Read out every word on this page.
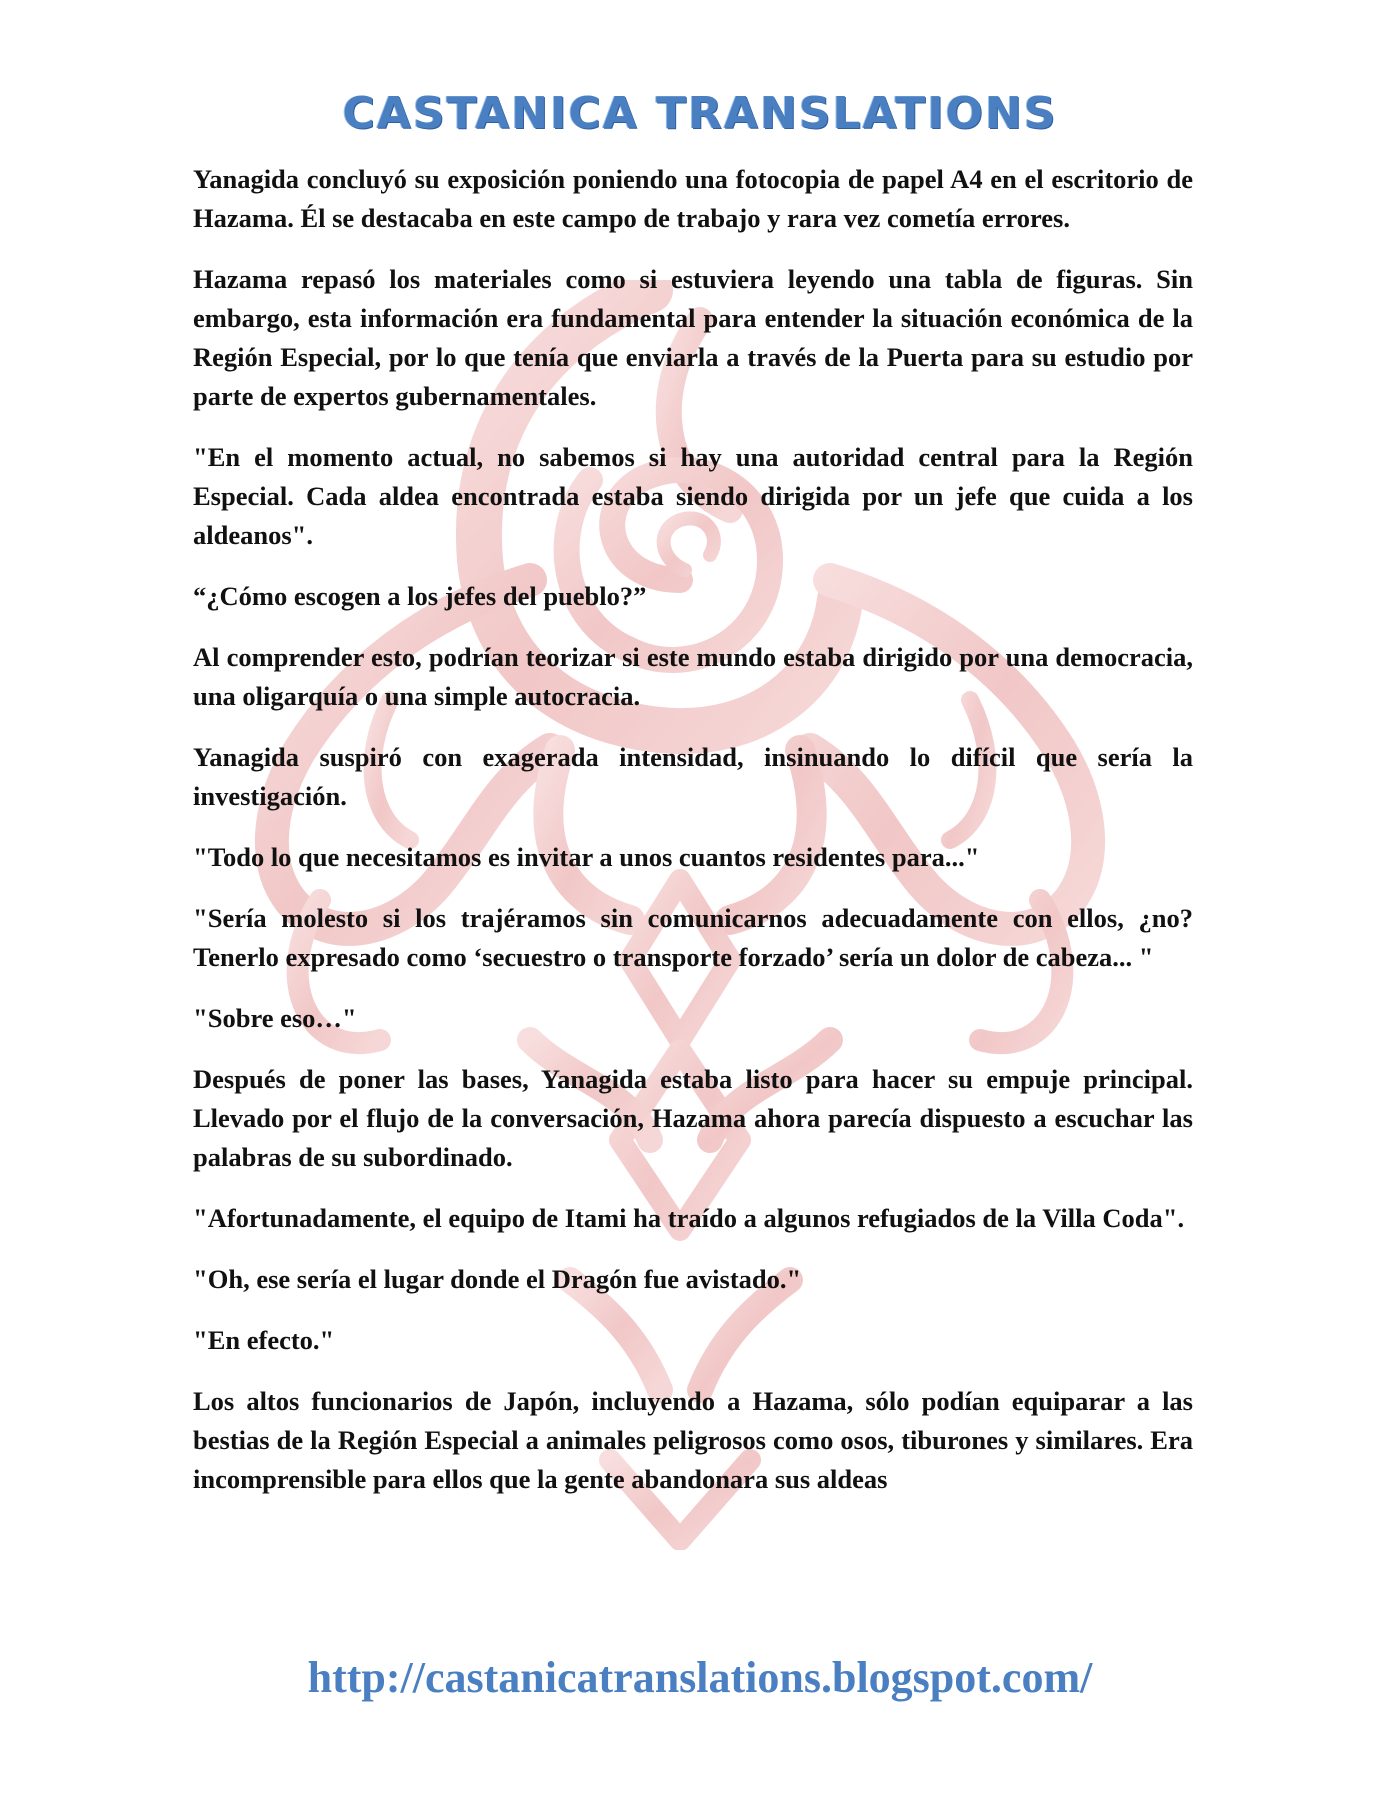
CASTANICA TRANSLATIONS

Yanagida concluyó su exposición poniendo una fotocopia de papel A4 en el escritorio de Hazama. Él se destacaba en este campo de trabajo y rara vez cometía errores.

Hazama repasó los materiales como si estuviera leyendo una tabla de figuras. Sin embargo, esta información era fundamental para entender la situación económica de la Región Especial, por lo que tenía que enviarla a través de la Puerta para su estudio por parte de expertos gubernamentales.

"En el momento actual, no sabemos si hay una autoridad central para la Región Especial. Cada aldea encontrada estaba siendo dirigida por un jefe que cuida a los aldeanos".

“¿Cómo escogen a los jefes del pueblo?”

Al comprender esto, podrían teorizar si este mundo estaba dirigido por una democracia, una oligarquía o una simple autocracia.

Yanagida suspiró con exagerada intensidad, insinuando lo difícil que sería la investigación.

"Todo lo que necesitamos es invitar a unos cuantos residentes para..."

"Sería molesto si los trajéramos sin comunicarnos adecuadamente con ellos, ¿no? Tenerlo expresado como ‘secuestro o transporte forzado’ sería un dolor de cabeza... "

"Sobre eso…"

Después de poner las bases, Yanagida estaba listo para hacer su empuje principal. Llevado por el flujo de la conversación, Hazama ahora parecía dispuesto a escuchar las palabras de su subordinado.

"Afortunadamente, el equipo de Itami ha traído a algunos refugiados de la Villa Coda".

"Oh, ese sería el lugar donde el Dragón fue avistado."

"En efecto."

Los altos funcionarios de Japón, incluyendo a Hazama, sólo podían equiparar a las bestias de la Región Especial a animales peligrosos como osos, tiburones y similares. Era incomprensible para ellos que la gente abandonara sus aldeas

http://castanicatranslations.blogspot.com/
